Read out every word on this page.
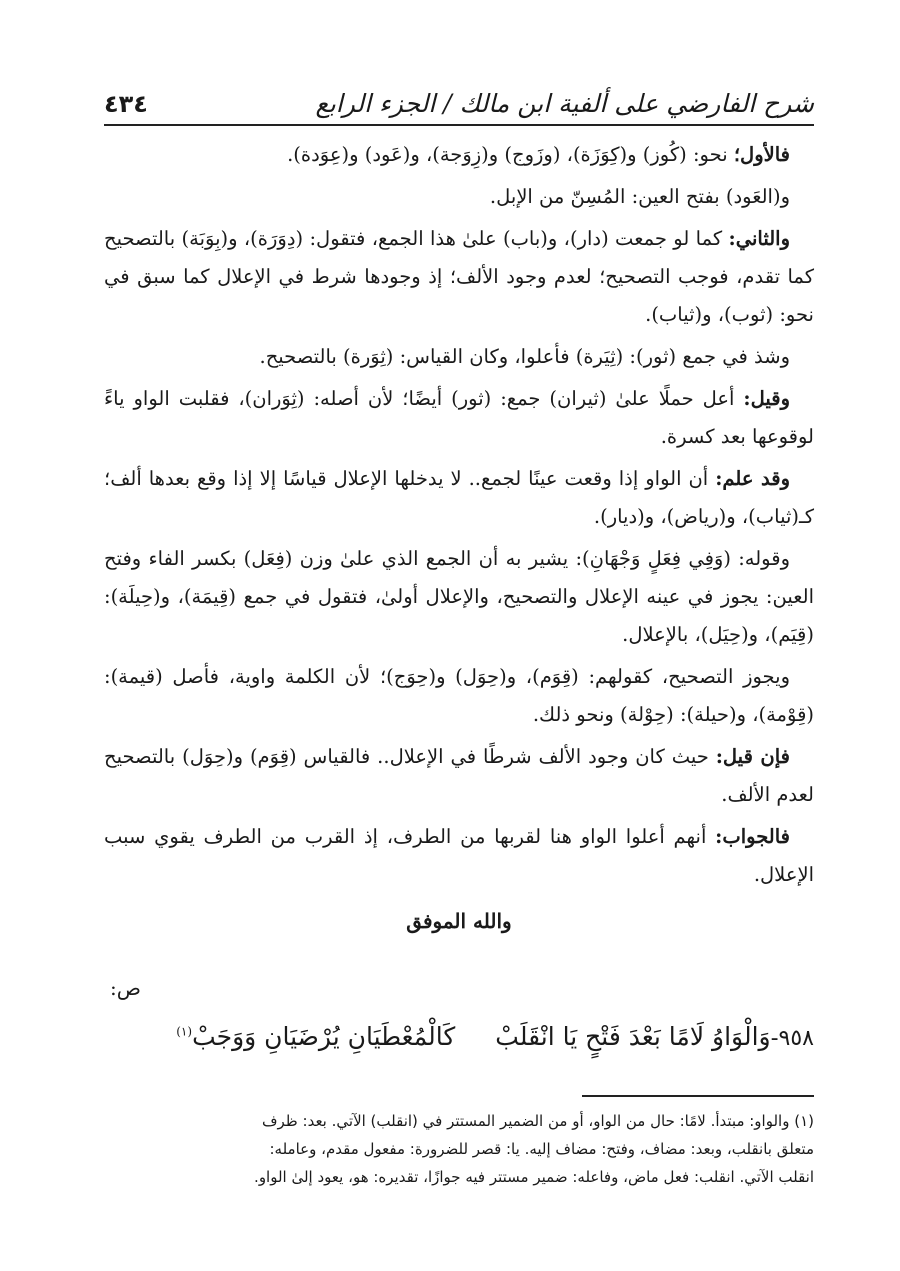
شرح الفارضي على ألفية ابن مالك / الجزء الرابع
٤٣٤

فالأول؛ نحو: (كُوز) و(كِوَزَة)، (وزَوج) و(زِوَجة)، و(عَود) و(عِوَدة).

و(العَود) بفتح العين: المُسِنّ من الإبل.

والثاني: كما لو جمعت (دار)، و(باب) علىٰ هذا الجمع، فتقول: (دِوَرَة)، و(بِوَبَة) بالتصحيح كما تقدم، فوجب التصحيح؛ لعدم وجود الألف؛ إذ وجودها شرط في الإعلال كما سبق في نحو: (ثوب)، و(ثياب).

وشذ في جمع (ثور): (ثِيَرة) فأعلوا، وكان القياس: (ثِوَرة) بالتصحيح.

وقيل: أعل حملًا علىٰ (ثيران) جمع: (ثور) أيضًا؛ لأن أصله: (ثِوَران)، فقلبت الواو ياءً لوقوعها بعد كسرة.

وقد علم: أن الواو إذا وقعت عينًا لجمع.. لا يدخلها الإعلال قياسًا إلا إذا وقع بعدها ألف؛ كـ(ثياب)، و(رياض)، و(ديار).

وقوله: (وَفِي فِعَلٍ وَجْهَانِ): يشير به أن الجمع الذي علىٰ وزن (فِعَل) بكسر الفاء وفتح العين: يجوز في عينه الإعلال والتصحيح، والإعلال أولىٰ، فتقول في جمع (قِيمَة)، و(حِيلَة): (قِيَم)، و(حِيَل)، بالإعلال.

ويجوز التصحيح، كقولهم: (قِوَم)، و(حِوَل) و(حِوَج)؛ لأن الكلمة واوية، فأصل (قيمة): (قِوْمة)، و(حيلة): (حِوْلة) ونحو ذلك.

فإن قيل: حيث كان وجود الألف شرطًا في الإعلال.. فالقياس (قِوَم) و(حِوَل) بالتصحيح لعدم الألف.

فالجواب: أنهم أعلوا الواو هنا لقربها من الطرف، إذ القرب من الطرف يقوي سبب الإعلال.

والله الموفق
ص:
٩٥٨-وَالْوَاوُ لَامًا بَعْدَ فَتْحٍ يَا انْقَلَبْ
كَالْمُعْطَيَانِ يُرْضَيَانِ وَوَجَبْ$^{(١)}$

(١) والواو: مبتدأ. لامًا: حال من الواو، أو من الضمير المستتر في (انقلب) الآتي. بعد: ظرف

متعلق بانقلب، وبعد: مضاف، وفتح: مضاف إليه. يا: قصر للضرورة: مفعول مقدم، وعامله:

انقلب الآتي. انقلب: فعل ماض، وفاعله: ضمير مستتر فيه جوازًا، تقديره: هو، يعود إلىٰ الواو.
